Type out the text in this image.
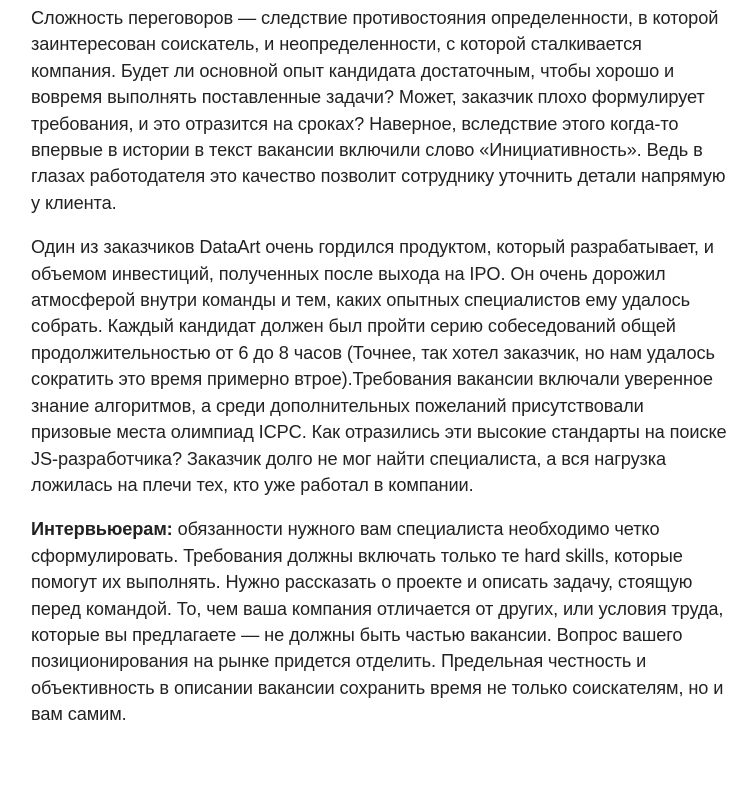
Сложность переговоров — следствие противостояния определенности, в которой заинтересован соискатель, и неопределенности, с которой сталкивается компания. Будет ли основной опыт кандидата достаточным, чтобы хорошо и вовремя выполнять поставленные задачи? Может, заказчик плохо формулирует требования, и это отразится на сроках? Наверное, вследствие этого когда-то впервые в истории в текст вакансии включили слово «Инициативность». Ведь в глазах работодателя это качество позволит сотруднику уточнить детали напрямую у клиента.

Один из заказчиков DataArt очень гордился продуктом, который разрабатывает, и объемом инвестиций, полученных после выхода на IPO. Он очень дорожил атмосферой внутри команды и тем, каких опытных специалистов ему удалось собрать. Каждый кандидат должен был пройти серию собеседований общей продолжительностью от 6 до 8 часов (Точнее, так хотел заказчик, но нам удалось сократить это время примерно втрое).Требования вакансии включали уверенное знание алгоритмов, а среди дополнительных пожеланий присутствовали призовые места олимпиад ICPC. Как отразились эти высокие стандарты на поиске JS-разработчика? Заказчик долго не мог найти специалиста, а вся нагрузка ложилась на плечи тех, кто уже работал в компании.

Интервьюерам: обязанности нужного вам специалиста необходимо четко сформулировать. Требования должны включать только те hard skills, которые помогут их выполнять. Нужно рассказать о проекте и описать задачу, стоящую перед командой. То, чем ваша компания отличается от других, или условия труда, которые вы предлагаете — не должны быть частью вакансии. Вопрос вашего позиционирования на рынке придется отделить. Предельная честность и объективность в описании вакансии сохранить время не только соискателям, но и вам самим.
